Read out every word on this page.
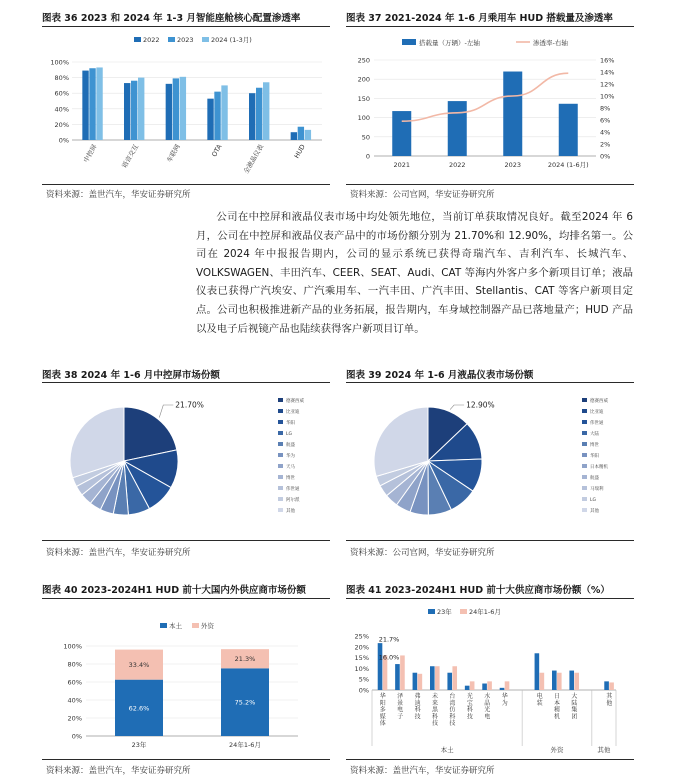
图表 36 2023 和 2024 年 1-3 月智能座舱核心配置渗透率
0%
20%
40%
60%
80%
100%
中控屏	语音交互	车联网	OTA	全液晶仪表	HUD
2022	2023	2024 (1-3月)
资料来源：盖世汽车，华安证券研究所
图表 37 2021-2024 年 1-6 月乘用车 HUD 搭载量及渗透率
0
50
100
150
200
250
0%
2%
4%
6%
8%
10%
12%
14%
16%
2021	2022	2023	2024 (1-6月)
搭载量（万辆）-左轴	渗透率-右轴
资料来源：公司官网，华安证券研究所
公司在中控屏和液晶仪表市场中均处领先地位，当前订单获取情况良好。截至2024 年 6 月，公司在中控屏和液晶仪表产品中的市场份额分别为 21.70%和 12.90%，均排名第一。公司在 2024 年中报报告期内，公司的显示系统已获得奇瑞汽车、吉利汽车、长城汽车、VOLKSWAGEN、丰田汽车、CEER、SEAT、Audi、CAT 等海内外客户多个新项目订单；液晶仪表已获得广汽埃安、广汽乘用车、一汽丰田、广汽丰田、Stellantis、CAT 等客户新项目定点。公司也积极推进新产品的业务拓展，报告期内，车身域控制器产品已落地量产；HUD 产品以及电子后视镜产品也陆续获得客户新项目订单。
图表 38 2024 年 1-6 月中控屏市场份额
21.70%	德赛西威
比亚迪
华阳
LG
航盛
华为
天马
博世
伟世通
阿尔派
其他
资料来源：盖世汽车，华安证券研究所
图表 39 2024 年 1-6 月液晶仪表市场份额
12.90%	德赛西威
比亚迪
伟世通
大陆
博世
华阳
日本精机
航盛
马瑞利
LG
其他
资料来源：公司官网，华安证券研究所
图表 40 2023-2024H1 HUD 前十大国内外供应商市场份额
0%
20%
40%
60%
80%
100%
62.6%
33.4%
23年
75.2%
21.3%
24年1-6月
本土	外资
资料来源：盖世汽车，华安证券研究所
图表 41 2023-2024H1 HUD 前十大供应商市场份额（%）
0%
5%
10%
15%
20%
25%
华
阳
多
媒
体
泽
景
电
子
弗
迪
科
技
未
来
黑
科
技
台
湾
仿
科
技
光
宝
科
技
水
晶
光
电
华
为
电
装
日
本
精
机
大
陆
集
团
其
他
21.7%
16.0%
本土	外资	其他
23年	24年1-6月
资料来源：盖世汽车，华安证券研究所
